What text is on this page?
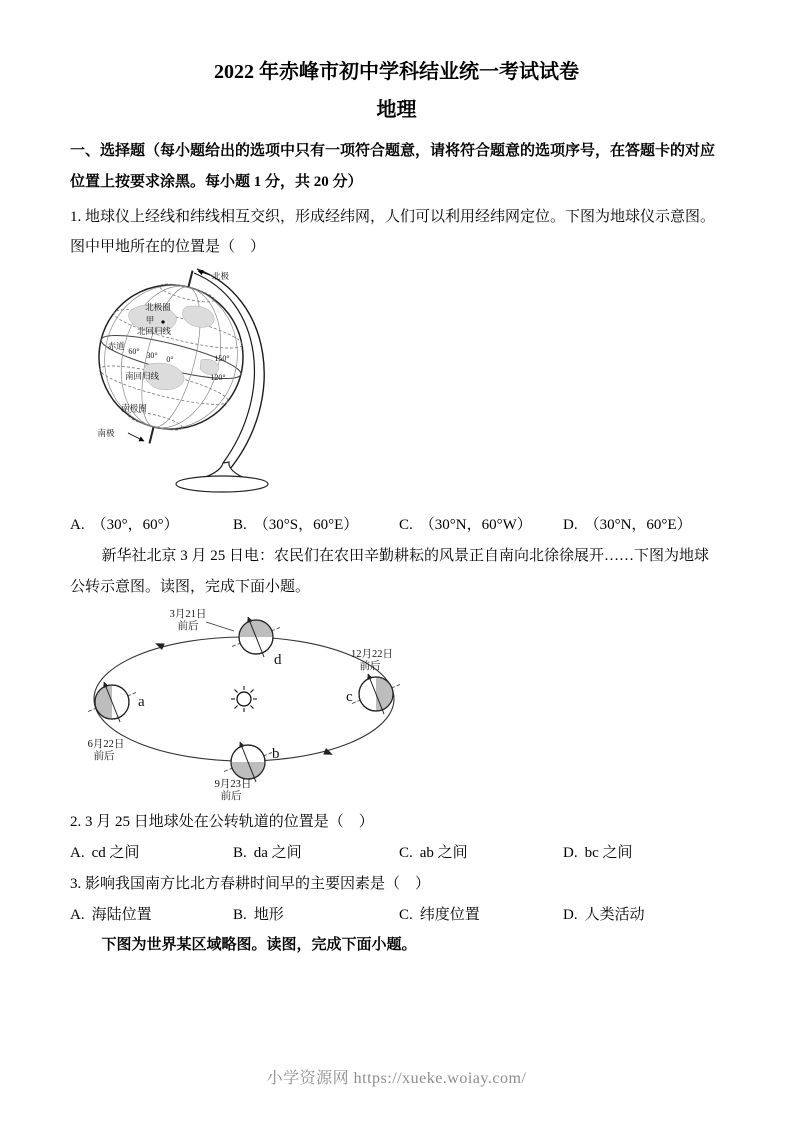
2022 年赤峰市初中学科结业统一考试试卷
地理

一、选择题（每小题给出的选项中只有一项符合题意，请将符合题意的选项序号，在答题卡的对应位置上按要求涂黑。每小题 1 分，共 20 分）

1. 地球仪上经线和纬线相互交织，形成经纬网，人们可以利用经纬网定位。下图为地球仪示意图。图中甲地所在的位置是（　）

北极
北极圈
甲
北回归线
赤道
60° 30° 0°	150°
120°
南回归线
南极圈
南极
A. （30°，60°）	B. （30°S，60°E）	C. （30°N，60°W）	D. （30°N，60°E）

新华社北京 3 月 25 日电：农民们在农田辛勤耕耘的风景正自南向北徐徐展开……下图为地球公转示意图。读图，完成下面小题。

d
c
a
b
3月21日
前后
12月22日
前后
6月22日
前后
9月23日
前后

2. 3 月 25 日地球处在公转轨道的位置是（　）

A. cd 之间	B. da 之间	C. ab 之间	D. bc 之间

3. 影响我国南方比北方春耕时间早的主要因素是（　）

A. 海陆位置	B. 地形	C. 纬度位置	D. 人类活动

下图为世界某区域略图。读图，完成下面小题。

小学资源网 https://xueke.woiay.com/
